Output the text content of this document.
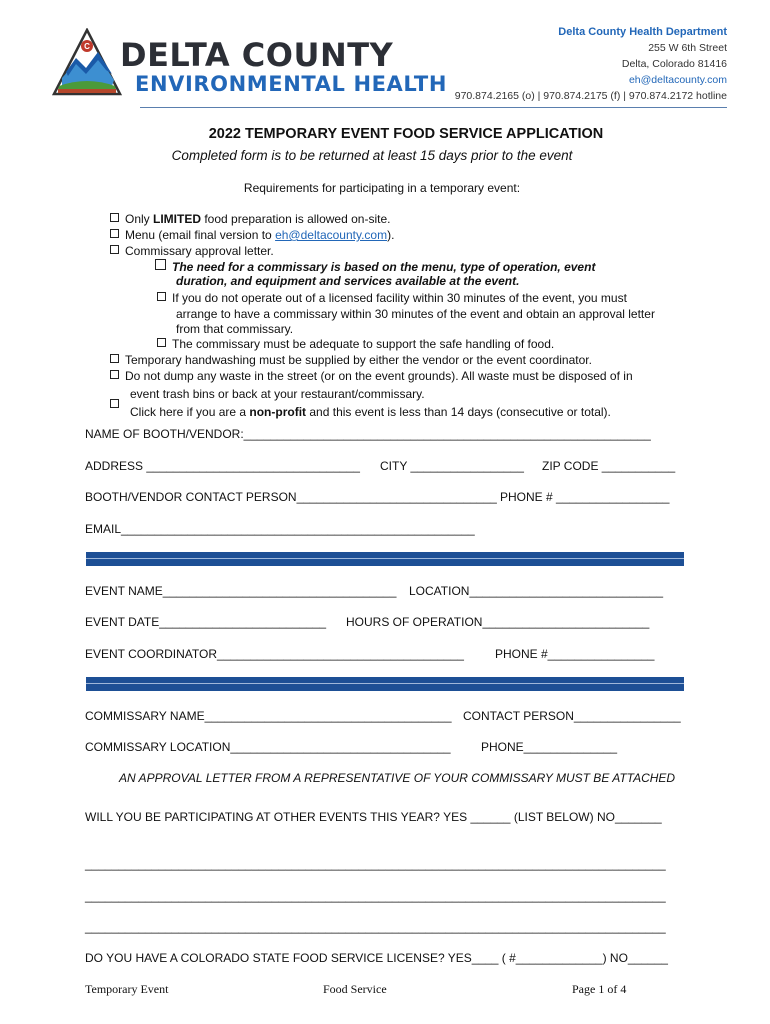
C DELTA COUNTY
ENVIRONMENTAL HEALTH
Delta County Health Department
255 W 6th Street
Delta, Colorado 81416
eh@deltacounty.com
970.874.2165 (o) | 970.874.2175 (f) | 970.874.2172 hotline
2022 TEMPORARY EVENT FOOD SERVICE APPLICATION
Completed form is to be returned at least 15 days prior to the event
Requirements for participating in a temporary event:
Only LIMITED food preparation is allowed on-site.
Menu (email final version to eh@deltacounty.com).
Commissary approval letter.
The need for a commissary is based on the menu, type of operation, event
duration, and equipment and services available at the event.
If you do not operate out of a licensed facility within 30 minutes of the event, you must
arrange to have a commissary within 30 minutes of the event and obtain an approval letter
from that commissary.
The commissary must be adequate to support the safe handling of food.
Temporary handwashing must be supplied by either the vendor or the event coordinator.
Do not dump any waste in the street (or on the event grounds). All waste must be disposed of in
event trash bins or back at your restaurant/commissary.
Click here if you are a non-profit and this event is less than 14 days (consecutive or total).
NAME OF BOOTH/VENDOR:_____________________________________________________________
ADDRESS ________________________________ CITY _________________ ZIP CODE ___________
BOOTH/VENDOR CONTACT PERSON______________________________ PHONE # _________________
EMAIL_____________________________________________________
EVENT NAME___________________________________ LOCATION_____________________________
EVENT DATE_________________________ HOURS OF OPERATION_________________________
EVENT COORDINATOR_____________________________________	PHONE #________________
COMMISSARY NAME_____________________________________ CONTACT PERSON________________
COMMISSARY LOCATION_________________________________	PHONE______________
AN APPROVAL LETTER FROM A REPRESENTATIVE OF YOUR COMMISSARY MUST BE ATTACHED
WILL YOU BE PARTICIPATING AT OTHER EVENTS THIS YEAR? YES ______ (LIST BELOW) NO_______
_______________________________________________________________________________________
_______________________________________________________________________________________
_______________________________________________________________________________________
DO YOU HAVE A COLORADO STATE FOOD SERVICE LICENSE? YES____ ( #_____________) NO______
Temporary Event	Food Service	Page 1 of 4
